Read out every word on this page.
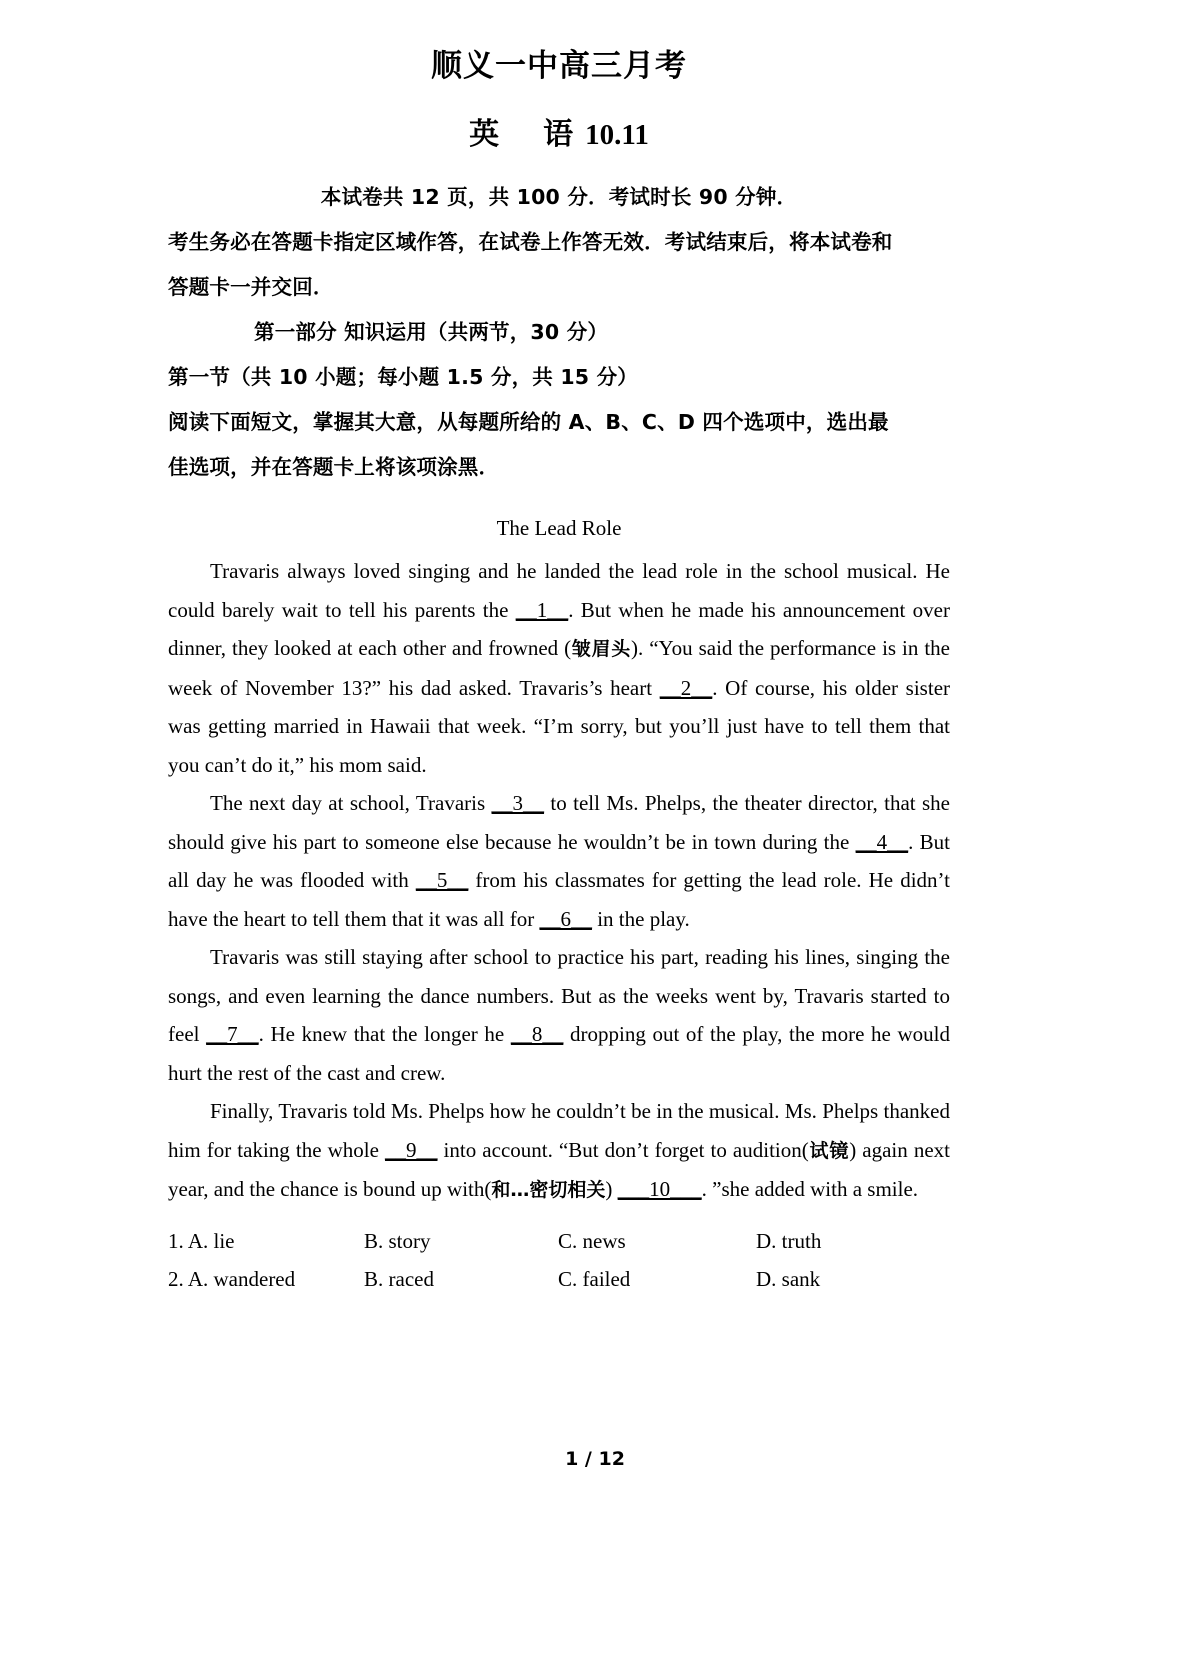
顺义一中高三月考
英 语 10.11
本试卷共 12 页，共 100 分．考试时长 90 分钟．
考生务必在答题卡指定区域作答，在试卷上作答无效．考试结束后，将本试卷和
答题卡一并交回．
第一部分 知识运用（共两节，30 分）
第一节（共 10 小题；每小题 1.5 分，共 15 分）
阅读下面短文，掌握其大意，从每题所给的 A、B、C、D 四个选项中，选出最
佳选项，并在答题卡上将该项涂黑．
The Lead Role
Travaris always loved singing and he landed the lead role in the school musical. He could barely wait to tell his parents the __1__. But when he made his announcement over dinner, they looked at each other and frowned (皱眉头). “You said the performance is in the week of November 13?” his dad asked. Travaris’s heart __2__. Of course, his older sister was getting married in Hawaii that week. “I’m sorry, but you’ll just have to tell them that you can’t do it,” his mom said.
The next day at school, Travaris __3__ to tell Ms. Phelps, the theater director, that she should give his part to someone else because he wouldn’t be in town during the __4__. But all day he was flooded with __5__ from his classmates for getting the lead role. He didn’t have the heart to tell them that it was all for __6__ in the play.
Travaris was still staying after school to practice his part, reading his lines, singing the songs, and even learning the dance numbers. But as the weeks went by, Travaris started to feel __7__. He knew that the longer he __8__ dropping out of the play, the more he would hurt the rest of the cast and crew.
Finally, Travaris told Ms. Phelps how he couldn’t be in the musical. Ms. Phelps thanked him for taking the whole __9__ into account. “But don’t forget to audition(试镜) again next year, and the chance is bound up with(和…密切相关) ___10___. ”she added with a smile.
1. A. lie	B. story	C. news	D. truth
2. A. wandered	B. raced	C. failed	D. sank
1 / 12
